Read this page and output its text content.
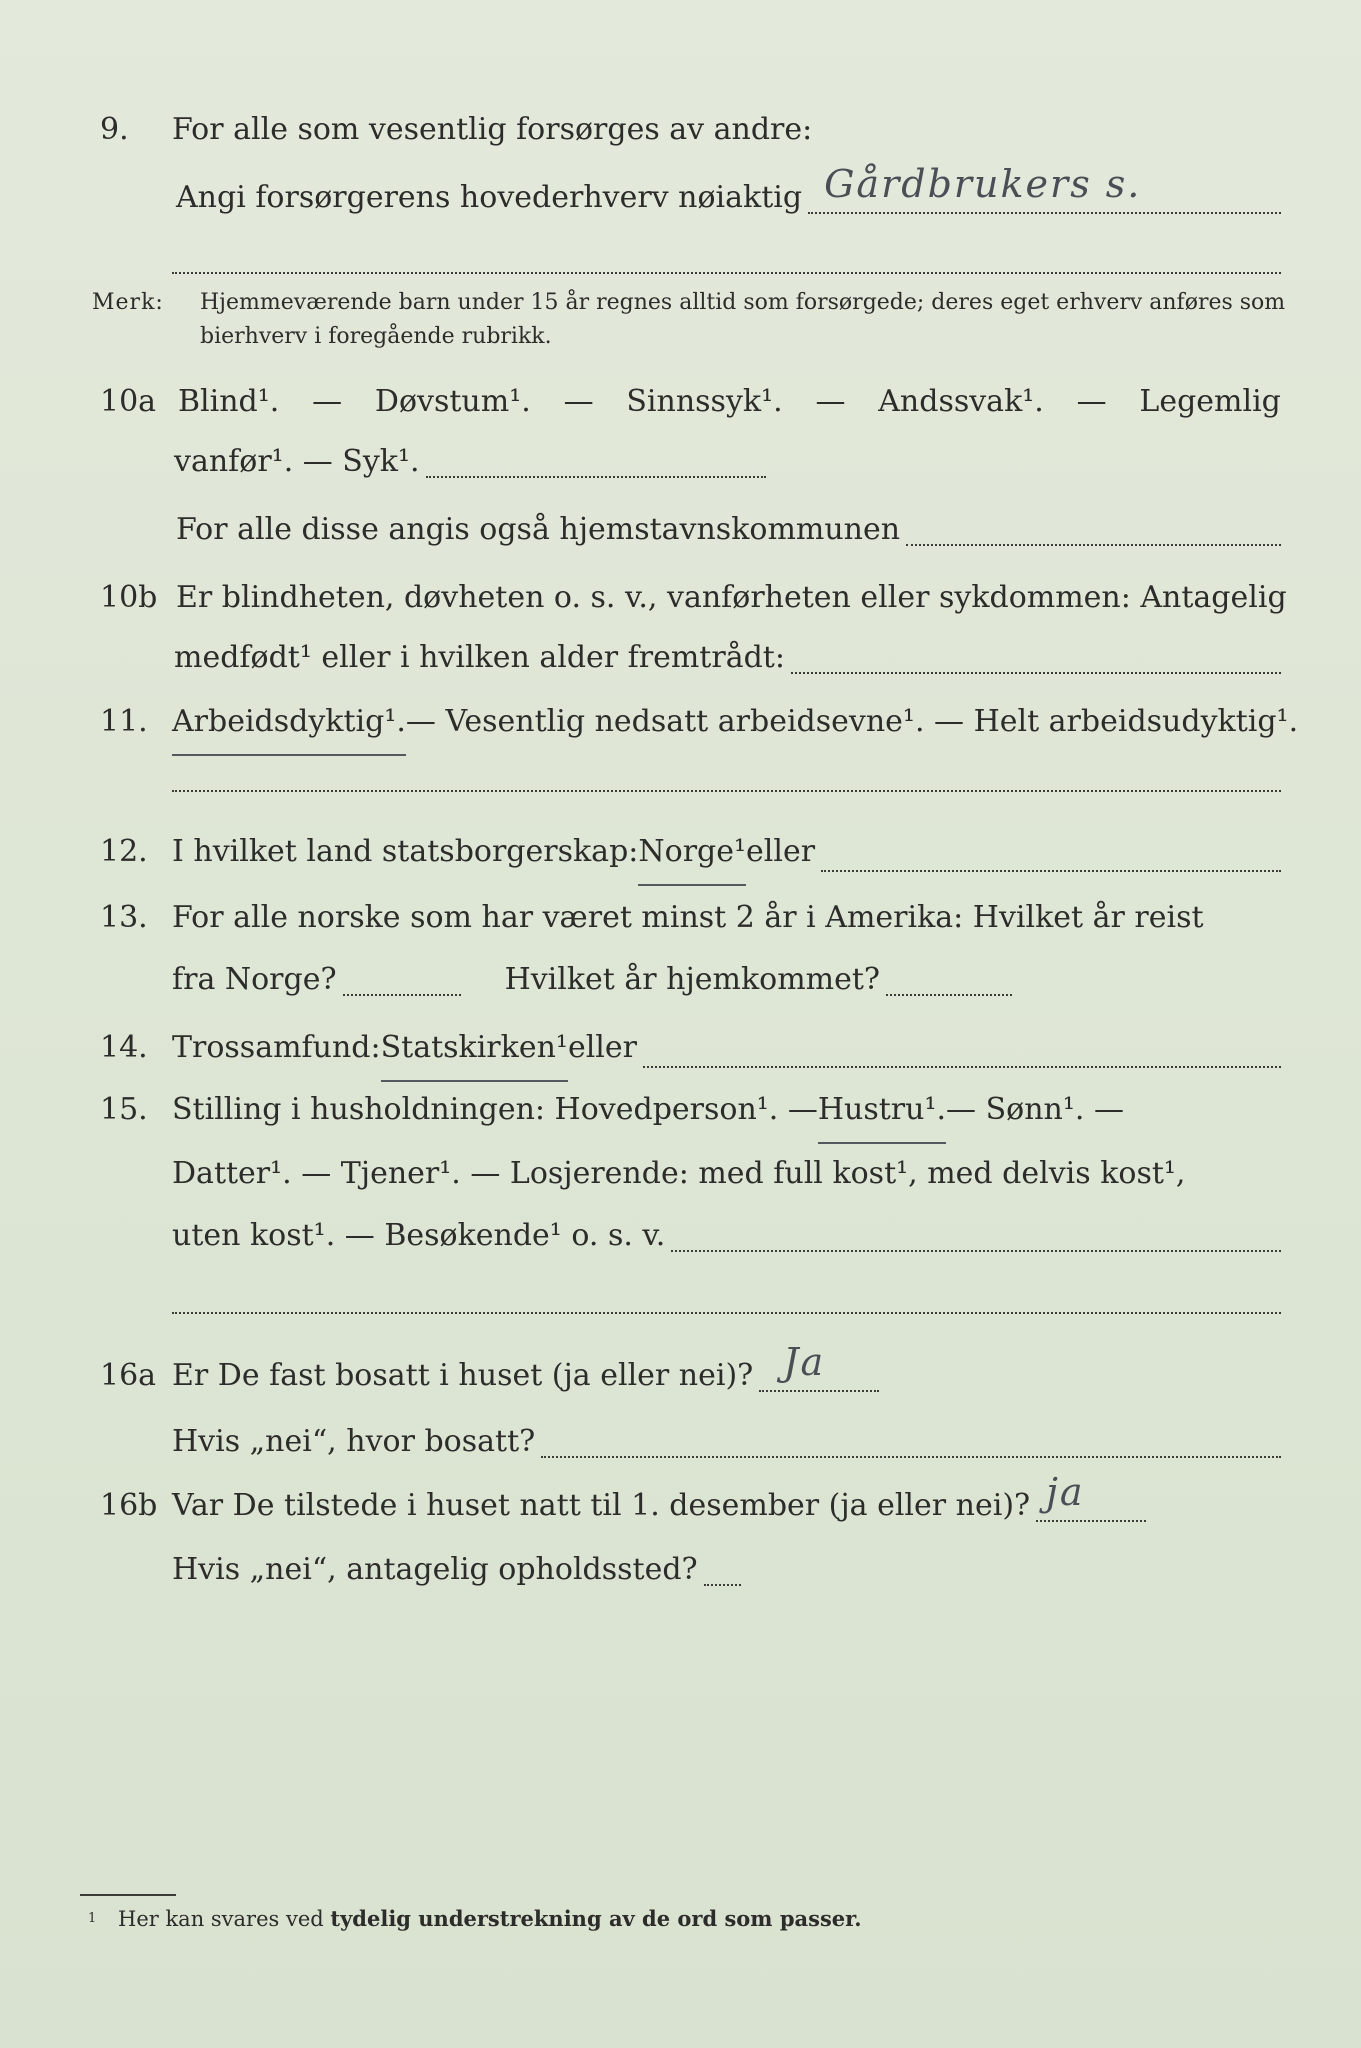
9.	For alle som vesentlig forsørges av andre:
Angi forsørgerens hovederhverv nøiaktig Gårdbrukers s.
Merk: Hjemmeværende barn under 15 år regnes alltid som forsørgede; deres eget erhverv anføres som bierhverv i foregående rubrikk.
10a Blind¹. — Døvstum¹. — Sinnssyk¹. — Andssvak¹. — Legemlig
vanfør¹. — Syk¹.
For alle disse angis også hjemstavnskommunen
10b Er blindheten, døvheten o. s. v., vanførheten eller sykdommen: Antagelig
medfødt¹ eller i hvilken alder fremtrådt:
11. Arbeidsdyktig¹. — Vesentlig nedsatt arbeidsevne¹. — Helt arbeidsudyktig¹.
12. I hvilket land statsborgerskap: Norge¹ eller
13. For alle norske som har været minst 2 år i Amerika: Hvilket år reist
fra Norge?	Hvilket år hjemkommet?
14. Trossamfund: Statskirken¹ eller
15. Stilling i husholdningen: Hovedperson¹. — Hustru¹. — Sønn¹. —
Datter¹. — Tjener¹. — Losjerende: med full kost¹, med delvis kost¹,
uten kost¹. — Besøkende¹ o. s. v.
16a Er De fast bosatt i huset (ja eller nei)? Ja
Hvis „nei“, hvor bosatt?
16b Var De tilstede i huset natt til 1. desember (ja eller nei)? ja
Hvis „nei“, antagelig opholdssted?
1 Her kan svares ved tydelig understrekning av de ord som passer.
